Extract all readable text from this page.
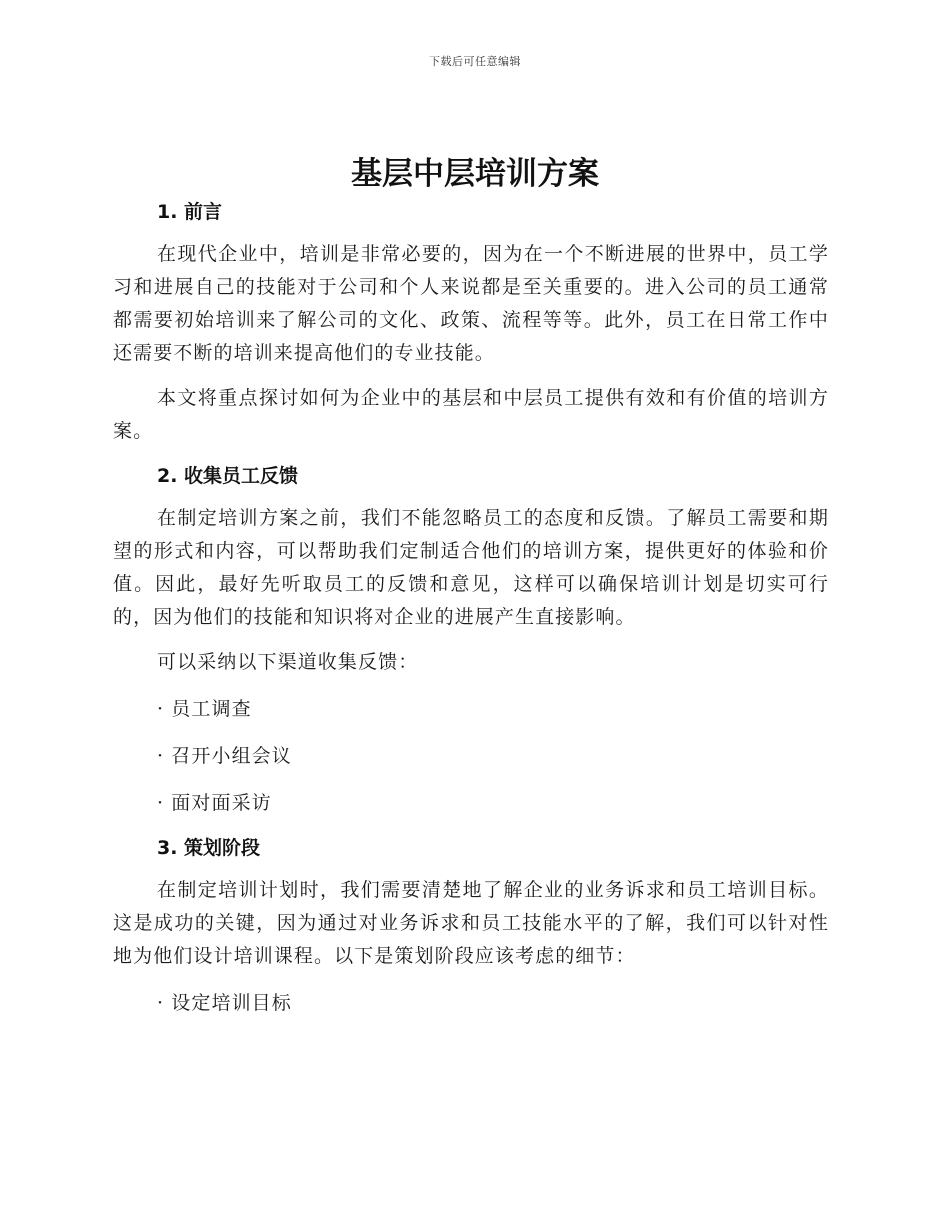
下载后可任意编辑
基层中层培训方案
1. 前言

在现代企业中，培训是非常必要的，因为在一个不断进展的世界中，员工学习和进展自己的技能对于公司和个人来说都是至关重要的。进入公司的员工通常都需要初始培训来了解公司的文化、政策、流程等等。此外，员工在日常工作中还需要不断的培训来提高他们的专业技能。

本文将重点探讨如何为企业中的基层和中层员工提供有效和有价值的培训方案。

2. 收集员工反馈

在制定培训方案之前，我们不能忽略员工的态度和反馈。了解员工需要和期望的形式和内容，可以帮助我们定制适合他们的培训方案，提供更好的体验和价值。因此，最好先听取员工的反馈和意见，这样可以确保培训计划是切实可行的，因为他们的技能和知识将对企业的进展产生直接影响。

可以采纳以下渠道收集反馈：

· 员工调查

· 召开小组会议

· 面对面采访

3. 策划阶段

在制定培训计划时，我们需要清楚地了解企业的业务诉求和员工培训目标。这是成功的关键，因为通过对业务诉求和员工技能水平的了解，我们可以针对性地为他们设计培训课程。以下是策划阶段应该考虑的细节：

· 设定培训目标
